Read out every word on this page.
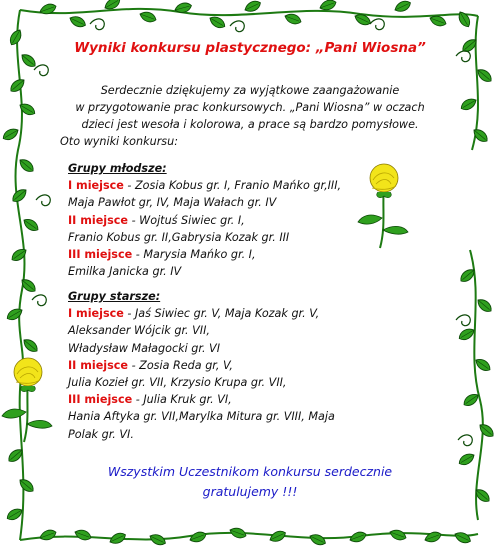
Wyniki konkursu plastycznego: „Pani Wiosna”
Serdecznie dziękujemy za wyjątkowe zaangażowanie
w przygotowanie prac konkursowych. „Pani Wiosna” w oczach
dzieci jest wesoła i kolorowa, a prace są bardzo pomysłowe.
Oto wyniki konkursu:
Grupy młodsze:
I miejsce - Zosia Kobus gr. I, Franio Mańko gr,III,
Maja Pawłot gr, IV, Maja Wałach gr. IV
II miejsce - Wojtuś Siwiec gr. I,
Franio Kobus gr. II,Gabrysia Kozak gr. III
III miejsce - Marysia Mańko gr. I,
Emilka Janicka gr. IV
Grupy starsze:
I miejsce - Jaś Siwiec gr. V, Maja Kozak gr. V,
Aleksander Wójcik gr. VII,
Władysław Małagocki gr. VI
II miejsce - Zosia Reda gr, V,
Julia Kozieł gr. VII, Krzysio Krupa gr. VII,
III miejsce - Julia Kruk gr. VI,
Hania Aftyka gr. VII,Marylka Mitura gr. VIII, Maja
Polak gr. VI.
Wszystkim Uczestnikom konkursu serdecznie
gratulujemy !!!
